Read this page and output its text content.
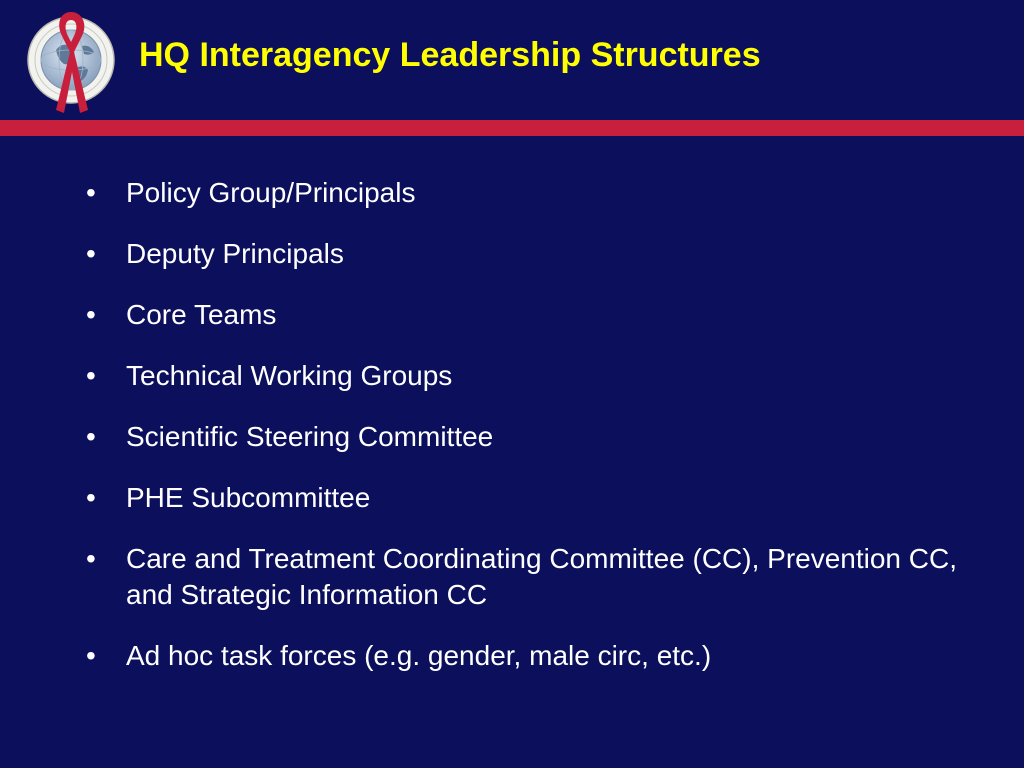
HQ Interagency Leadership Structures
• Policy Group/Principals
• Deputy Principals
• Core Teams
• Technical Working Groups
• Scientific Steering Committee
• PHE Subcommittee
• Care and Treatment Coordinating Committee (CC), Prevention CC, and Strategic Information CC
• Ad hoc task forces (e.g. gender, male circ, etc.)
